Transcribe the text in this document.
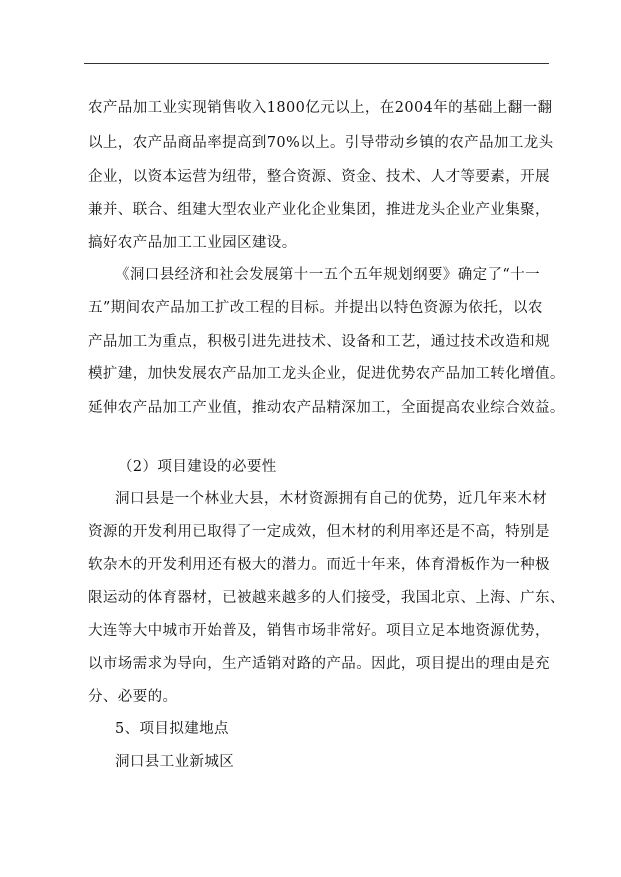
农产品加工业实现销售收入1800亿元以上，在2004年的基础上翻一翻
以上，农产品商品率提高到70%以上。引导带动乡镇的农产品加工龙头
企业，以资本运营为纽带，整合资源、资金、技术、人才等要素，开展
兼并、联合、组建大型农业产业化企业集团，推进龙头企业产业集聚，
搞好农产品加工工业园区建设。
《洞口县经济和社会发展第十一五个五年规划纲要》确定了“十一
五”期间农产品加工扩改工程的目标。并提出以特色资源为依托，以农
产品加工为重点，积极引进先进技术、设备和工艺，通过技术改造和规
模扩建，加快发展农产品加工龙头企业，促进优势农产品加工转化增值。
延伸农产品加工产业值，推动农产品精深加工，全面提高农业综合效益。
（2）项目建设的必要性
洞口县是一个林业大县，木材资源拥有自己的优势，近几年来木材
资源的开发利用已取得了一定成效，但木材的利用率还是不高，特别是
软杂木的开发利用还有极大的潜力。而近十年来，体育滑板作为一种极
限运动的体育器材，已被越来越多的人们接受，我国北京、上海、广东、
大连等大中城市开始普及，销售市场非常好。项目立足本地资源优势，
以市场需求为导向，生产适销对路的产品。因此，项目提出的理由是充
分、必要的。
5、项目拟建地点
洞口县工业新城区
